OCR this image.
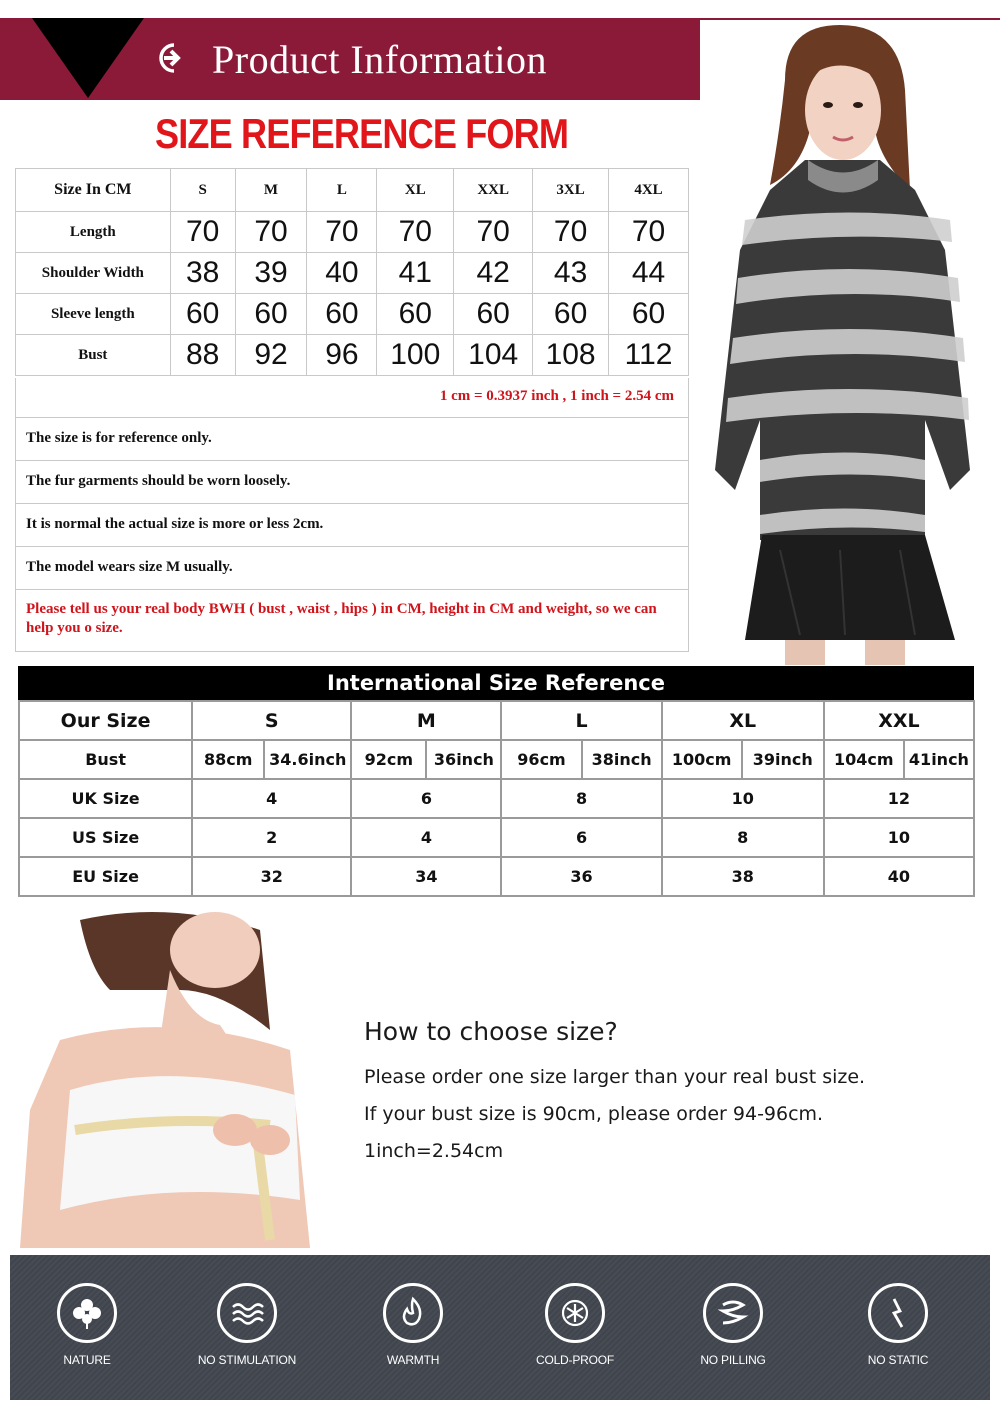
Product Information
SIZE REFERENCE FORM
Size In CM	S	M	L	XL	XXL	3XL	4XL
Length	70	70	70	70	70	70	70
Shoulder Width	38	39	40	41	42	43	44
Sleeve length	60	60	60	60	60	60	60
Bust	88	92	96	100	104	108	112
1 cm = 0.3937 inch , 1 inch = 2.54 cm
The size is for reference only.
The fur garments should be worn loosely.
It is normal the actual size is more or less 2cm.
The model wears size M usually.
Please tell us your real body BWH ( bust , waist , hips ) in CM, height in CM and weight, so we can help you o size.
International Size Reference
Our Size	S		M		L		XL		XXL	
Bust	88cm	34.6inch	92cm	36inch	96cm	38inch	100cm	39inch	104cm	41inch
UK Size	4		6		8		10		12	
US Size	2		4		6		8		10	
EU Size	32		34		36		38		40	
How to choose size?
Please order one size larger than your real bust size.
If your bust size is 90cm, please order 94-96cm.
1inch=2.54cm
NATURE	NO STIMULATION	WARMTH	COLD-PROOF	NO PILLING	NO STATIC
